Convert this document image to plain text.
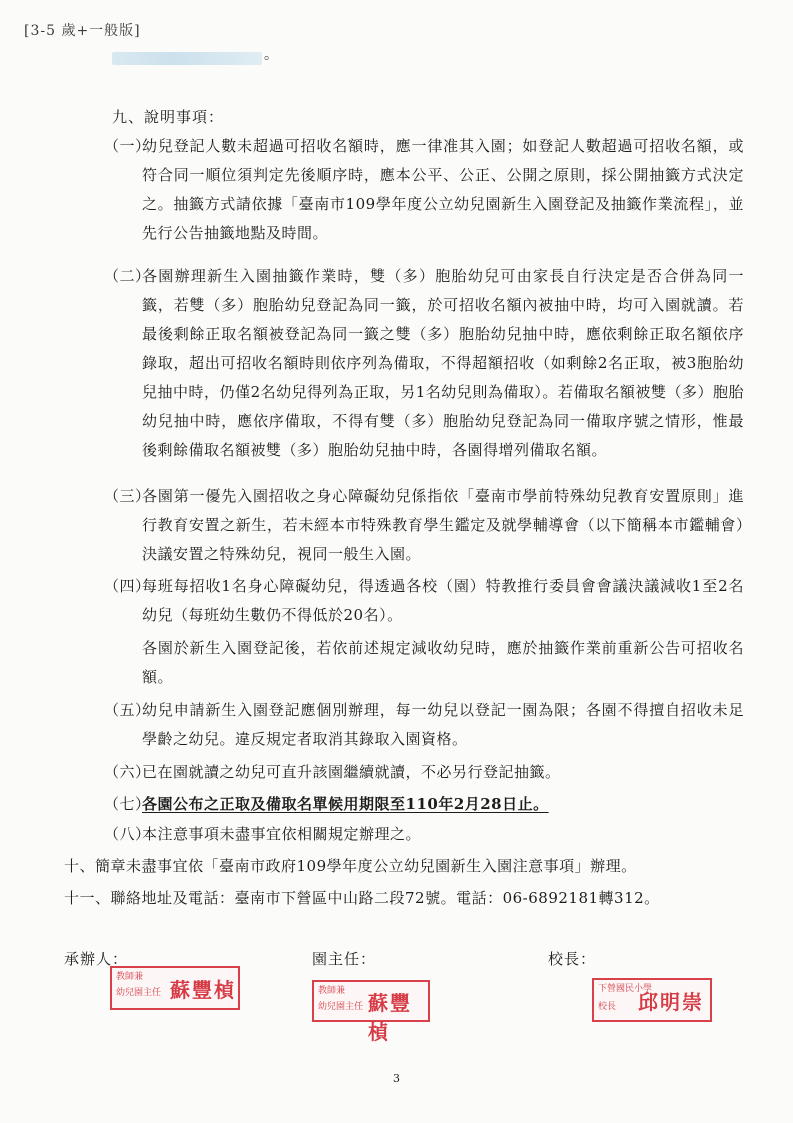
[3-5 歲+一般版]
。
九、說明事項：
（一）
幼兒登記人數未超過可招收名額時，應一律准其入園；如登記人數超過可招收名額，或符合同一順位須判定先後順序時，應本公平、公正、公開之原則，採公開抽籤方式決定之。抽籤方式請依據「臺南市109學年度公立幼兒園新生入園登記及抽籤作業流程」，並先行公告抽籤地點及時間。
（二）
各園辦理新生入園抽籤作業時，雙（多）胞胎幼兒可由家長自行決定是否合併為同一籤，若雙（多）胞胎幼兒登記為同一籤，於可招收名額內被抽中時，均可入園就讀。若最後剩餘正取名額被登記為同一籤之雙（多）胞胎幼兒抽中時，應依剩餘正取名額依序錄取，超出可招收名額時則依序列為備取，不得超額招收（如剩餘2名正取，被3胞胎幼兒抽中時，仍僅2名幼兒得列為正取，另1名幼兒則為備取）。若備取名額被雙（多）胞胎幼兒抽中時，應依序備取，不得有雙（多）胞胎幼兒登記為同一備取序號之情形，惟最後剩餘備取名額被雙（多）胞胎幼兒抽中時，各園得增列備取名額。
（三）
各園第一優先入園招收之身心障礙幼兒係指依「臺南市學前特殊幼兒教育安置原則」進行教育安置之新生，若未經本市特殊教育學生鑑定及就學輔導會（以下簡稱本市鑑輔會）決議安置之特殊幼兒，視同一般生入園。
（四）
每班每招收1名身心障礙幼兒，得透過各校（園）特教推行委員會會議決議減收1至2名幼兒（每班幼生數仍不得低於20名）。
各園於新生入園登記後，若依前述規定減收幼兒時，應於抽籤作業前重新公告可招收名額。
（五）
幼兒申請新生入園登記應個別辦理，每一幼兒以登記一園為限；各園不得擅自招收未足學齡之幼兒。違反規定者取消其錄取入園資格。
（六）
已在園就讀之幼兒可直升該園繼續就讀，不必另行登記抽籤。
（七）
各園公布之正取及備取名單候用期限至110年2月28日止。
（八）
本注意事項未盡事宜依相關規定辦理之。
十、簡章未盡事宜依「臺南市政府109學年度公立幼兒園新生入園注意事項」辦理。
十一、聯絡地址及電話：臺南市下營區中山路二段72號。電話：06-6892181轉312。
承辦人：	園主任：	校長：
教師兼
幼兒園主任 蘇豐楨	教師兼
幼兒園主任 蘇豐楨
下營國民小學
校長 邱明崇
3
